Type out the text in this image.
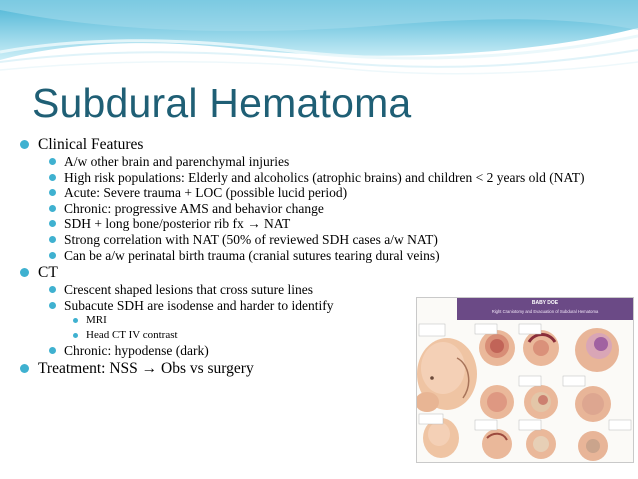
Subdural Hematoma
Clinical Features
A/w other brain and parenchymal injuries
High risk populations: Elderly and alcoholics (atrophic brains) and children < 2 years old (NAT)
Acute: Severe trauma + LOC (possible lucid period)
Chronic: progressive AMS and behavior change
SDH + long bone/posterior rib fx → NAT
Strong correlation with NAT (50% of reviewed SDH cases a/w NAT)
Can be a/w perinatal birth trauma (cranial sutures tearing dural veins)
CT
Crescent shaped lesions that cross suture lines
Subacute SDH are isodense and harder to identify
MRI
Head CT IV contrast
Chronic: hypodense (dark)
Treatment: NSS → Obs vs surgery
BABY DOE
Right Craniotomy and Evacuation of Subdural Hematoma
